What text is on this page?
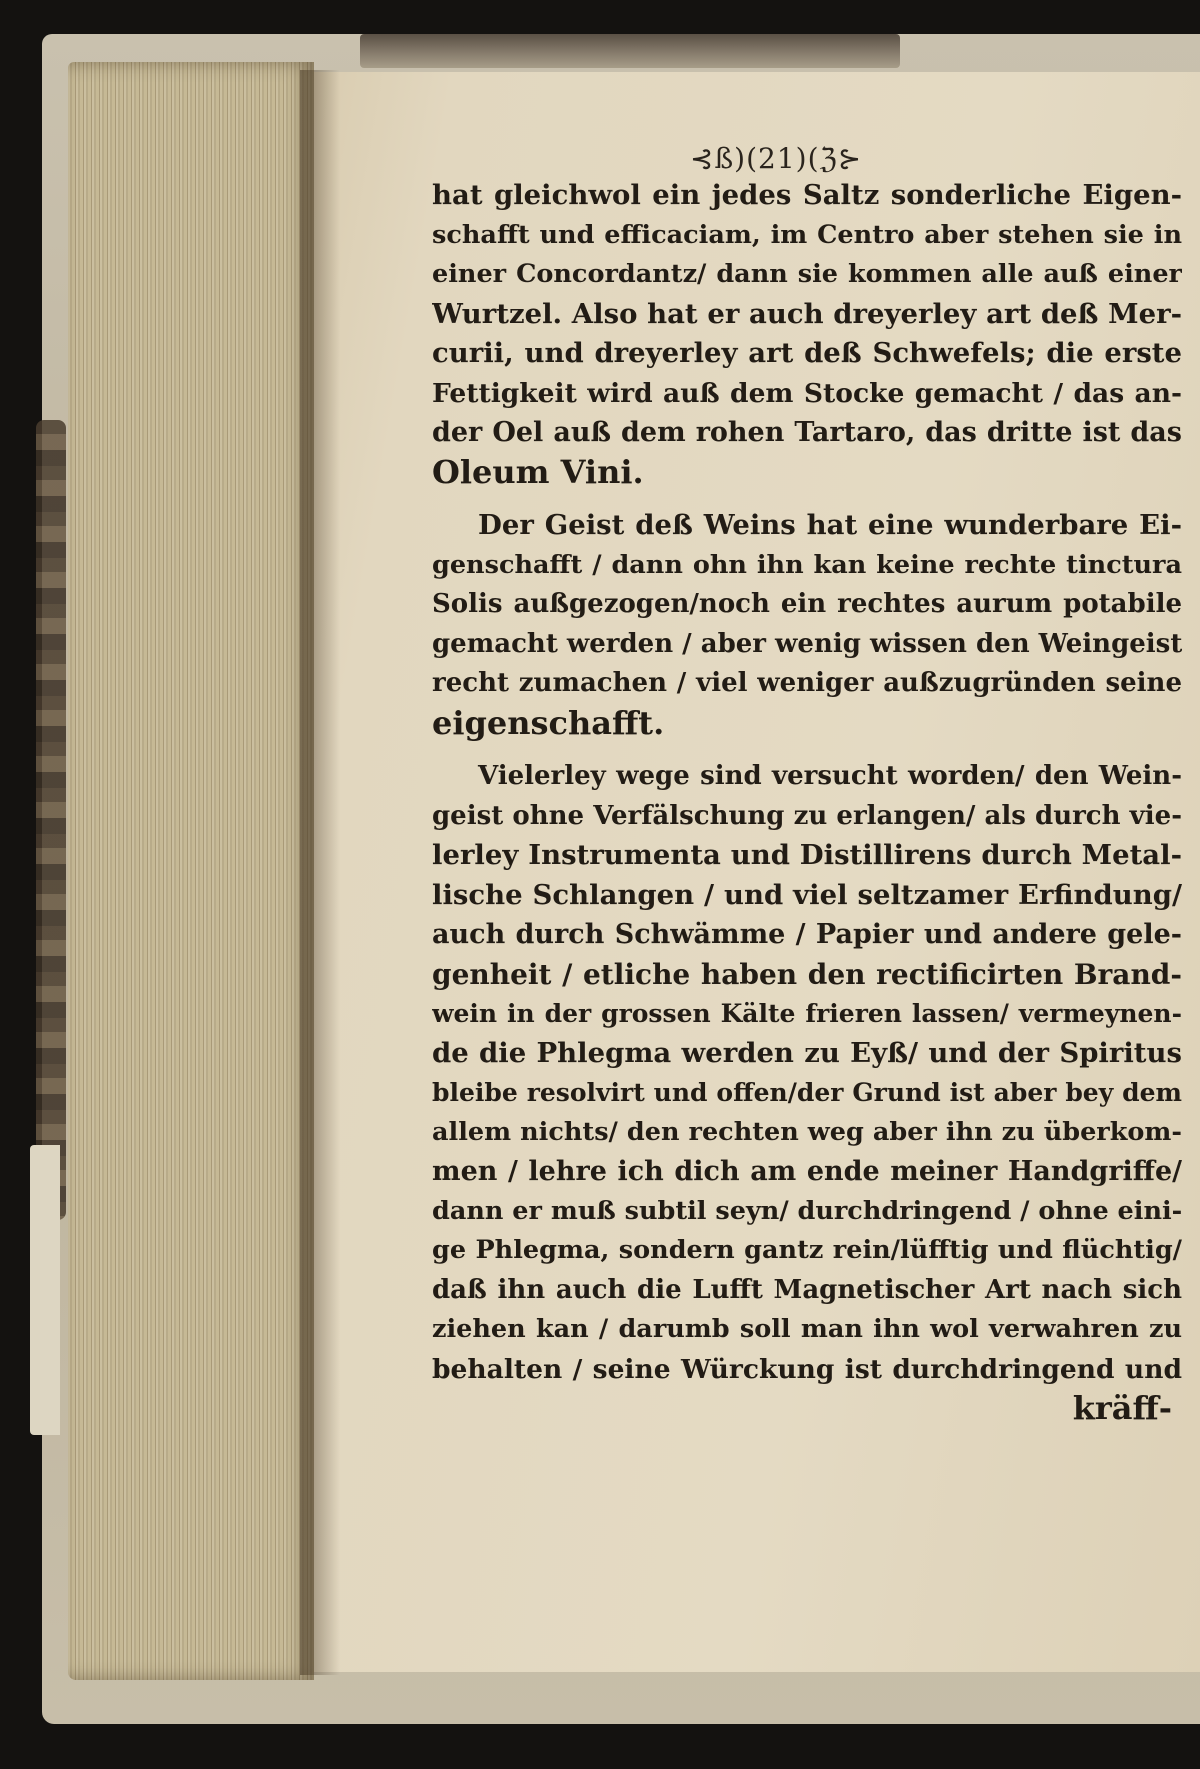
⊰ß)(21)(ℨ⊱
hat gleichwol ein jedes Saltz sonderliche Eigen-
schafft und efficaciam, im Centro aber stehen sie in
einer Concordantz/ dann sie kommen alle auß einer
Wurtzel. Also hat er auch dreyerley art deß Mer-
curii, und dreyerley art deß Schwefels; die erste
Fettigkeit wird auß dem Stocke gemacht / das an-
der Oel auß dem rohen Tartaro, das dritte ist das
Oleum Vini.
Der Geist deß Weins hat eine wunderbare Ei-
genschafft / dann ohn ihn kan keine rechte tinctura
Solis außgezogen/noch ein rechtes aurum potabile
gemacht werden / aber wenig wissen den Weingeist
recht zumachen / viel weniger außzugründen seine
eigenschafft.
Vielerley wege sind versucht worden/ den Wein-
geist ohne Verfälschung zu erlangen/ als durch vie-
lerley Instrumenta und Distillirens durch Metal-
lische Schlangen / und viel seltzamer Erfindung/
auch durch Schwämme / Papier und andere gele-
genheit / etliche haben den rectificirten Brand-
wein in der grossen Kälte frieren lassen/ vermeynen-
de die Phlegma werden zu Eyß/ und der Spiritus
bleibe resolvirt und offen/der Grund ist aber bey dem
allem nichts/ den rechten weg aber ihn zu überkom-
men / lehre ich dich am ende meiner Handgriffe/
dann er muß subtil seyn/ durchdringend / ohne eini-
ge Phlegma, sondern gantz rein/lüfftig und flüchtig/
daß ihn auch die Lufft Magnetischer Art nach sich
ziehen kan / darumb soll man ihn wol verwahren zu
behalten / seine Würckung ist durchdringend und
kräff-
